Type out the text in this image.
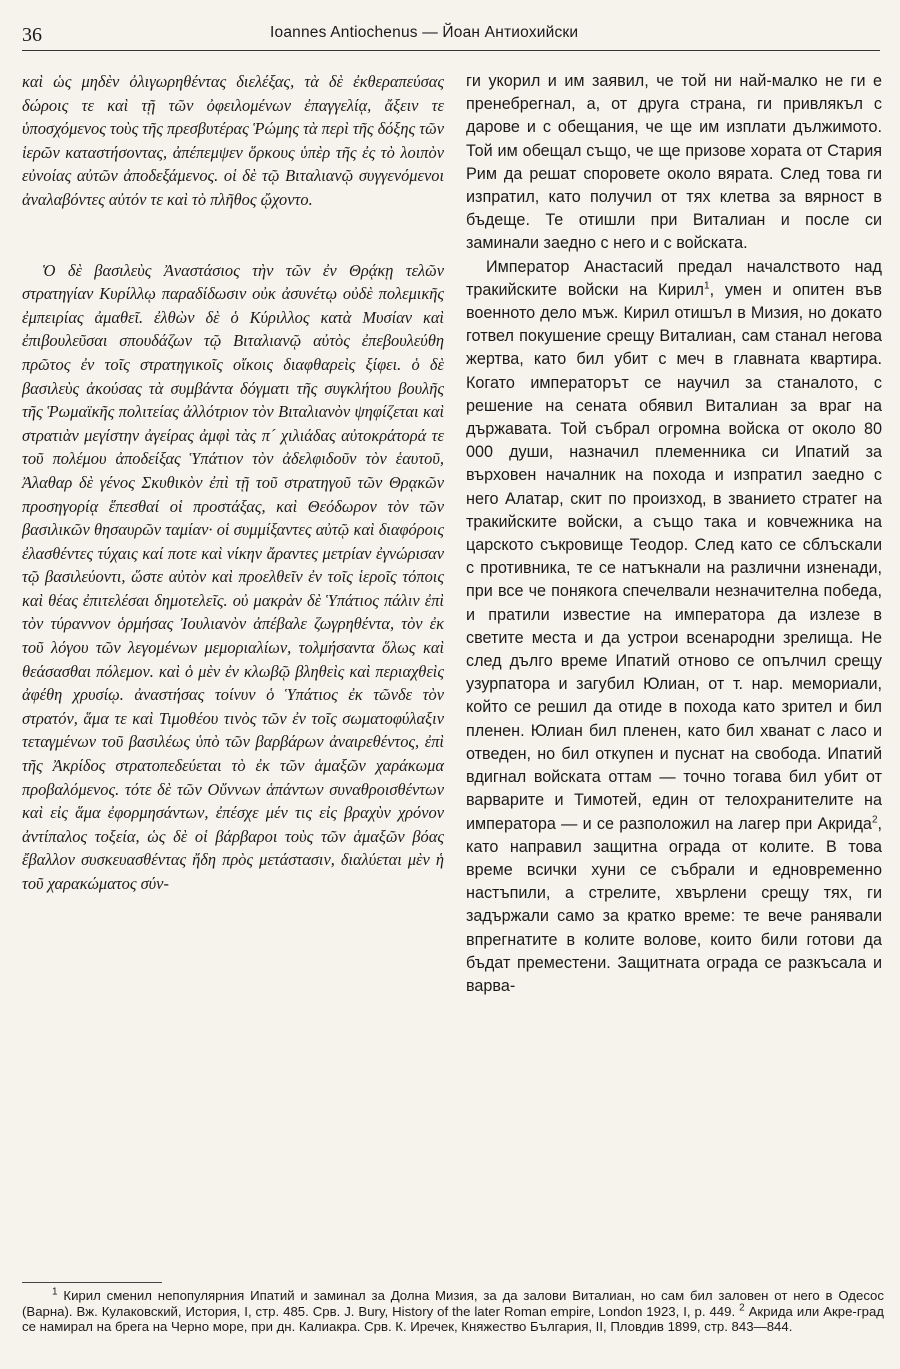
36	Ioannes Antiochenus — Йоан Антиохийски

καὶ ὡς μηδὲν ὀλιγωρηθέντας διελέξας, τὰ δὲ ἐκθεραπεύσας δώροις τε καὶ τῇ τῶν ὀφειλομένων ἐπαγγελίᾳ, ἄξειν τε ὑποσχόμενος τοὺς τῆς πρεσβυτέρας Ῥώμης τὰ περὶ τῆς δόξης τῶν ἱερῶν καταστήσοντας, ἀπέπεμψεν ὅρκους ὑπὲρ τῆς ἐς τὸ λοιπὸν εὐνοίας αὐτῶν ἀποδεξάμενος. οἱ δὲ τῷ Βιταλιανῷ συγγενόμενοι ἀναλαβόντες αὐτόν τε καὶ τὸ πλῆθος ᾤχοντο.

Ὁ δὲ βασιλεὺς Ἀναστάσιος τὴν τῶν ἐν Θρᾴκῃ τελῶν στρατηγίαν Κυρίλλῳ παραδίδωσιν οὐκ ἀσυνέτῳ οὐδὲ πολεμικῆς ἐμπειρίας ἀμαθεῖ. ἐλθὼν δὲ ὁ Κύριλλος κατὰ Μυσίαν καὶ ἐπιβουλεῦσαι σπουδάζων τῷ Βιταλιανῷ αὐτὸς ἐπεβουλεύθη πρῶτος ἐν τοῖς στρατηγικοῖς οἴκοις διαφθαρεὶς ξίφει. ὁ δὲ βασιλεὺς ἀκούσας τὰ συμβάντα δόγματι τῆς συγκλήτου βουλῆς τῆς Ῥωμαϊκῆς πολιτείας ἀλλότριον τὸν Βιταλιανὸν ψηφίζεται καὶ στρατιὰν μεγίστην ἀγείρας ἀμφὶ τὰς π´ χιλιάδας αὐτοκράτορά τε τοῦ πολέμου ἀποδείξας Ὑπάτιον τὸν ἀδελφιδοῦν τὸν ἑαυτοῦ, Ἀλαθαρ δὲ γένος Σκυθικὸν ἐπὶ τῇ τοῦ στρατηγοῦ τῶν Θρᾳκῶν προσηγορίᾳ ἕπεσθαί οἱ προστάξας, καὶ Θεόδωρον τὸν τῶν βασιλικῶν θησαυρῶν ταμίαν· οἱ συμμίξαντες αὐτῷ καὶ διαφόροις ἐλασθέντες τύχαις καί ποτε καὶ νίκην ἄραντες μετρίαν ἐγνώρισαν τῷ βασιλεύοντι, ὥστε αὐτὸν καὶ προελθεῖν ἐν τοῖς ἱεροῖς τόποις καὶ θέας ἐπιτελέσαι δημοτελεῖς. οὐ μακρὰν δὲ Ὑπάτιος πάλιν ἐπὶ τὸν τύραννον ὁρμήσας Ἰουλιανὸν ἀπέβαλε ζωγρηθέντα, τὸν ἐκ τοῦ λόγου τῶν λεγομένων μεμοριαλίων, τολμήσαντα ὅλως καὶ θεάσασθαι πόλεμον. καὶ ὁ μὲν ἐν κλωβῷ βληθεὶς καὶ περιαχθεὶς ἀφέθη χρυσίῳ. ἀναστήσας τοίνυν ὁ Ὑπάτιος ἐκ τῶνδε τὸν στρατόν, ἅμα τε καὶ Τιμοθέου τινὸς τῶν ἐν τοῖς σωματοφύλαξιν τεταγμένων τοῦ βασιλέως ὑπὸ τῶν βαρβάρων ἀναιρεθέντος, ἐπὶ τῆς Ἀκρίδος στρατοπεδεύεται τὸ ἐκ τῶν ἁμαξῶν χαράκωμα προβαλόμενος. τότε δὲ τῶν Οὔννων ἁπάντων συναθροισθέντων καὶ εἰς ἅμα ἐφορμησάντων, ἐπέσχε μέν τις εἰς βραχὺν χρόνον ἀντίπαλος τοξεία, ὡς δὲ οἱ βάρβαροι τοὺς τῶν ἁμαξῶν βόας ἔβαλλον συσκευασθέντας ἤδη πρὸς μετάστασιν, διαλύεται μὲν ἡ τοῦ χαρακώματος σύν-

ги укорил и им заявил, че той ни най-малко не ги е пренебрегнал, а, от друга страна, ги привлякъл с дарове и с обещания, че ще им изплати дължимото. Той им обещал също, че ще призове хората от Стария Рим да решат споровете около вярата. След това ги изпратил, като получил от тях клетва за вярност в бъдеще. Те отишли при Виталиан и после си заминали заедно с него и с войската.

Император Анастасий предал началството над тракийските войски на Кирил$^1$, умен и опитен във военното дело мъж. Кирил отишъл в Мизия, но докато готвел покушение срещу Виталиан, сам станал негова жертва, като бил убит с меч в главната квартира. Когато императорът се научил за станалото, с решение на сената обявил Виталиан за враг на държавата. Той събрал огромна войска от около 80 000 души, назначил племенника си Ипатий за върховен началник на похода и изпратил заедно с него Алатар, скит по произход, в званието стратег на тракийските войски, а също така и ковчежника на царското съкровище Теодор. След като се сблъскали с противника, те се натъкнали на различни изненади, при все че понякога спечелвали незначителна победа, и пратили известие на императора да излезе в светите места и да устрои всенародни зрелища. Не след дълго време Ипатий отново се опълчил срещу узурпатора и загубил Юлиан, от т. нар. мемориали, който се решил да отиде в похода като зрител и бил пленен. Юлиан бил пленен, като бил хванат с ласо и отведен, но бил откупен и пуснат на свобода. Ипатий вдигнал войската оттам — точно тогава бил убит от варварите и Тимотей, един от телохранителите на императора — и се разположил на лагер при Акрида$^2$, като направил защитна ограда от колите. В това време всички хуни се събрали и едновременно настъпили, а стрелите, хвърлени срещу тях, ги задържали само за кратко време: те вече ранявали впрегнатите в колите волове, които били готови да бъдат преместени. Защитната ограда се разкъсала и варва-

$^1$ Кирил сменил непопулярния Ипатий и заминал за Долна Мизия, за да залови Виталиан, но сам бил заловен от него в Одесос (Варна). Вж. Кулаковский, История, I, стр. 485. Срв. J. Bury, History of the later Roman empire, London 1923, I, p. 449. $^2$ Акрида или Акре-град се намирал на брега на Черно море, при дн. Калиакра. Срв. К. Иречек, Княжество България, II, Пловдив 1899, стр. 843—844.
